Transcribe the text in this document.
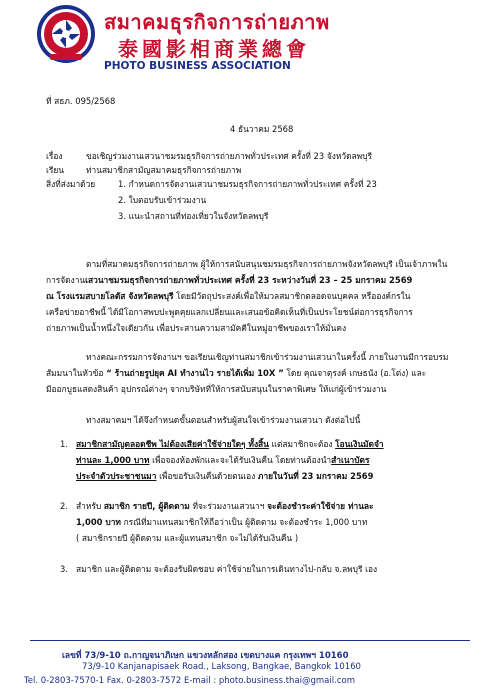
สมาคมธุรกิจการถ่ายภาพ
泰國影相商業總會
PHOTO BUSINESS ASSOCIATION
ที่ สธภ. 095/2568
4 ธันวาคม 2568
เรื่อง	ขอเชิญร่วมงานเสวนาชมรมธุรกิจการถ่ายภาพทั่วประเทศ ครั้งที่ 23 จังหวัดลพบุรี
เรียน	ท่านสมาชิกสามัญสมาคมธุรกิจการถ่ายภาพ
สิ่งที่ส่งมาด้วย	1. กำหนดการจัดงานเสวนาชมรมธุรกิจการถ่ายภาพทั่วประเทศ ครั้งที่ 23
2. ใบตอบรับเข้าร่วมงาน
3. แนะนำสถานที่ท่องเที่ยวในจังหวัดลพบุรี
ตามที่สมาคมธุรกิจการถ่ายภาพ ผู้ให้การสนับสนุนชมรมธุรกิจการถ่ายภาพจังหวัดลพบุรี เป็นเจ้าภาพใน
การจัดงานเสวนาชมรมธุรกิจการถ่ายภาพทั่วประเทศ ครั้งที่ 23 ระหว่างวันที่ 23 – 25 มกราคม 2569
ณ โรงแรมสบายโลตัส จังหวัดลพบุรี โดยมีวัตถุประสงค์เพื่อให้มวลสมาชิกตลอดจนบุคคล หรือองค์กรใน
เครือข่ายอาชีพนี้ ได้มีโอกาสพบปะพูดคุยแลกเปลี่ยนและเสนอข้อคิดเห็นที่เป็นประโยชน์ต่อการธุรกิจการ
ถ่ายภาพเป็นน้ำหนึ่งใจเดียวกัน เพื่อประสานความสามัคคีในหมู่อาชีพของเราให้มั่นคง
ทางคณะกรรมการจัดงานฯ ขอเรียนเชิญท่านสมาชิกเข้าร่วมงานเสวนาในครั้งนี้ ภายในงานมีการอบรม
สัมมนาในหัวข้อ “ ร้านถ่ายรูปยุค AI ทำงานไว รายได้เพิ่ม 10X ” โดย คุณจาตุรงค์ เกษธนัง (อ.โต่ง) และ
มีออกบูธแสดงสินค้า อุปกรณ์ต่างๆ จากบริษัทที่ให้การสนับสนุนในราคาพิเศษ ให้แก่ผู้เข้าร่วมงาน
ทางสมาคมฯ ได้จึงกำหนดขั้นตอนสำหรับผู้สนใจเข้าร่วมงานเสวนา ดังต่อไปนี้
1. สมาชิกสามัญตลอดชีพ ไม่ต้องเสียค่าใช้จ่ายใดๆ ทั้งสิ้น แต่สมาชิกจะต้อง โอนเงินมัดจำ
ท่านละ 1,000 บาท เพื่อจองห้องพักและจะได้รับเงินคืน โดยท่านต้องนำสำเนาบัตร
ประจำตัวประชาชนมา เพื่อขอรับเงินคืนด้วยตนเอง ภายในวันที่ 23 มกราคม 2569
2. สำหรับ สมาชิก รายปี, ผู้ติดตาม ที่จะร่วมงานเสวนาฯ จะต้องชำระค่าใช้จ่าย ท่านละ
1,000 บาท กรณีที่มาแทนสมาชิกให้ถือว่าเป็น ผู้ติดตาม จะต้องชำระ 1,000 บาท
( สมาชิกรายปี ผู้ติดตาม และผู้แทนสมาชิก จะไม่ได้รับเงินคืน )
3. สมาชิก และผู้ติดตาม จะต้องรับผิดชอบ ค่าใช้จ่ายในการเดินทางไป-กลับ จ.ลพบุรี เอง
เลขที่ 73/9-10 ถ.กาญจนาภิเษก แขวงหลักสอง เขตบางแค กรุงเทพฯ 10160
73/9-10 Kanjanapisaek Road., Laksong, Bangkae, Bangkok 10160
Tel. 0-2803-7570-1 Fax. 0-2803-7572 E-mail : photo.business.thai@gmail.com
